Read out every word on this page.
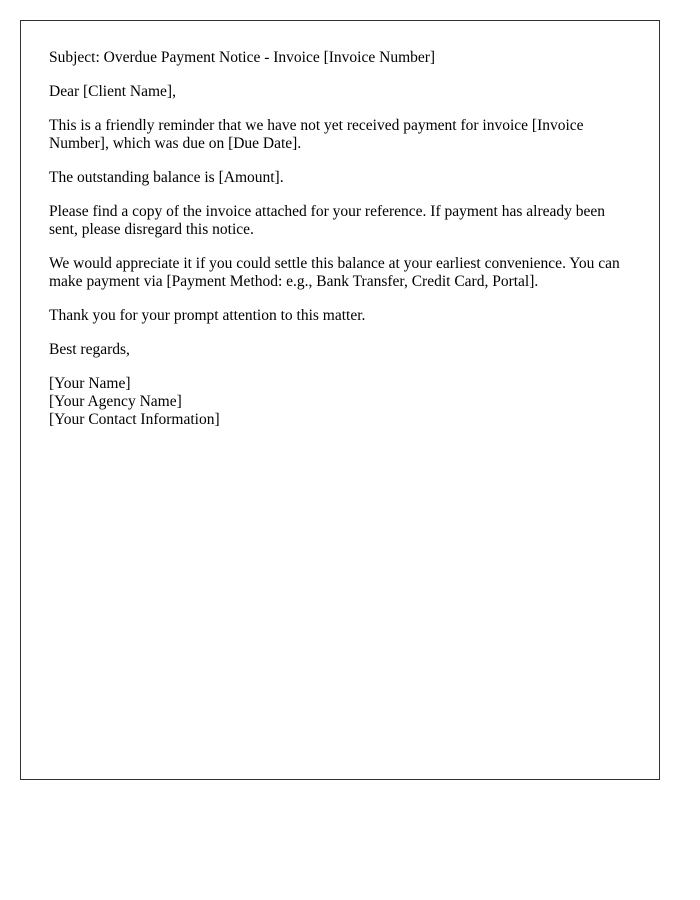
Subject: Overdue Payment Notice - Invoice [Invoice Number]

Dear [Client Name],

This is a friendly reminder that we have not yet received payment for invoice [Invoice Number], which was due on [Due Date].

The outstanding balance is [Amount].

Please find a copy of the invoice attached for your reference. If payment has already been sent, please disregard this notice.

We would appreciate it if you could settle this balance at your earliest convenience. You can make payment via [Payment Method: e.g., Bank Transfer, Credit Card, Portal].

Thank you for your prompt attention to this matter.

Best regards,

[Your Name]
[Your Agency Name]
[Your Contact Information]
